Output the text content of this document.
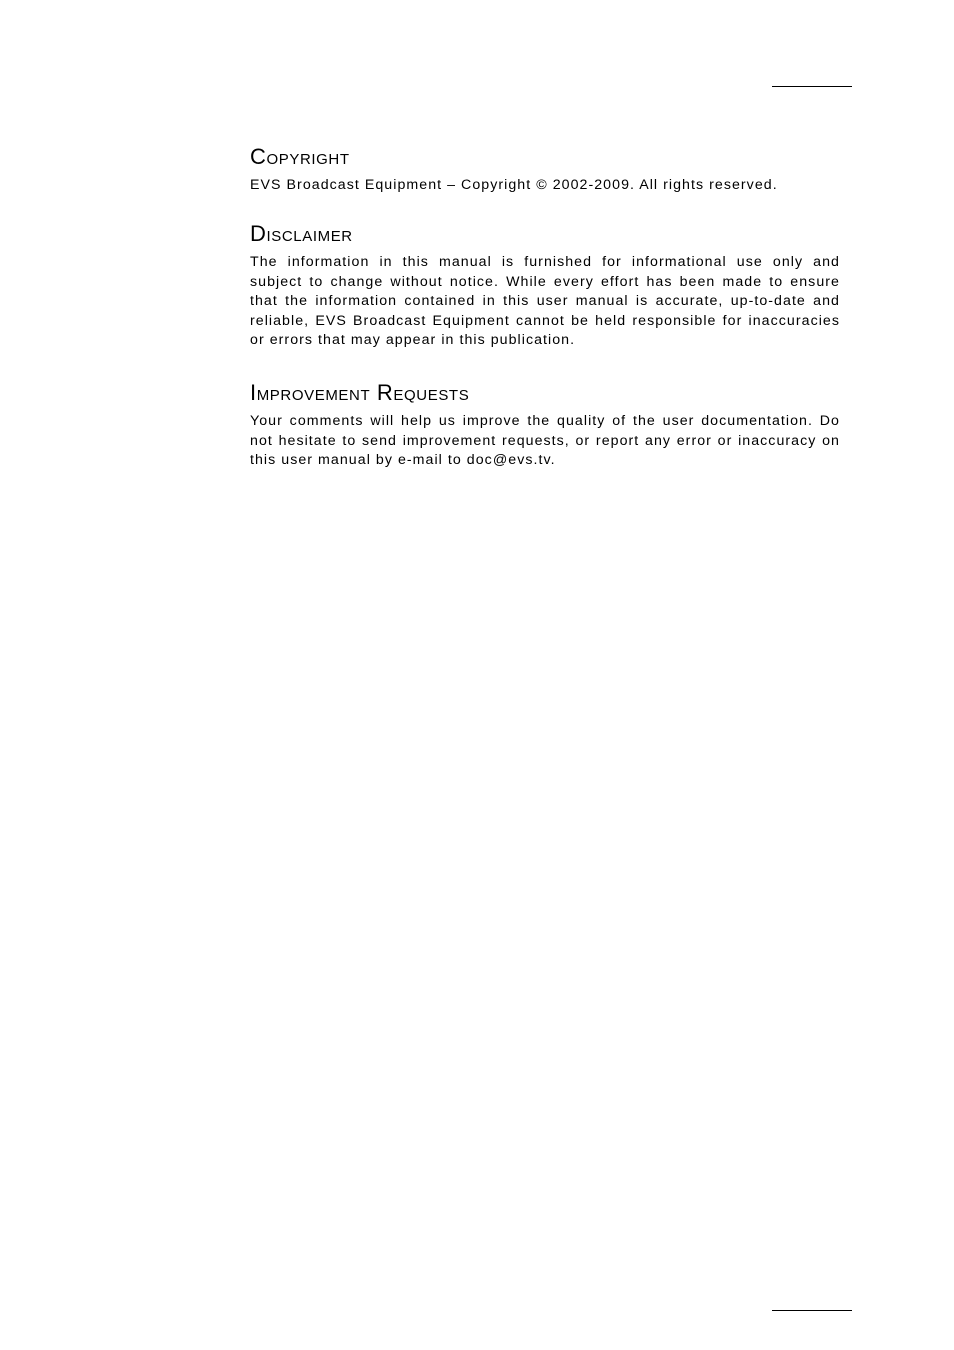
Copyright

EVS Broadcast Equipment – Copyright © 2002-2009. All rights reserved.

Disclaimer

The information in this manual is furnished for informational use only and subject to change without notice. While every effort has been made to ensure that the information contained in this user manual is accurate, up-to-date and reliable, EVS Broadcast Equipment cannot be held responsible for inaccuracies or errors that may appear in this publication.

Improvement Requests

Your comments will help us improve the quality of the user documentation. Do not hesitate to send improvement requests, or report any error or inaccuracy on this user manual by e-mail to doc@evs.tv.
